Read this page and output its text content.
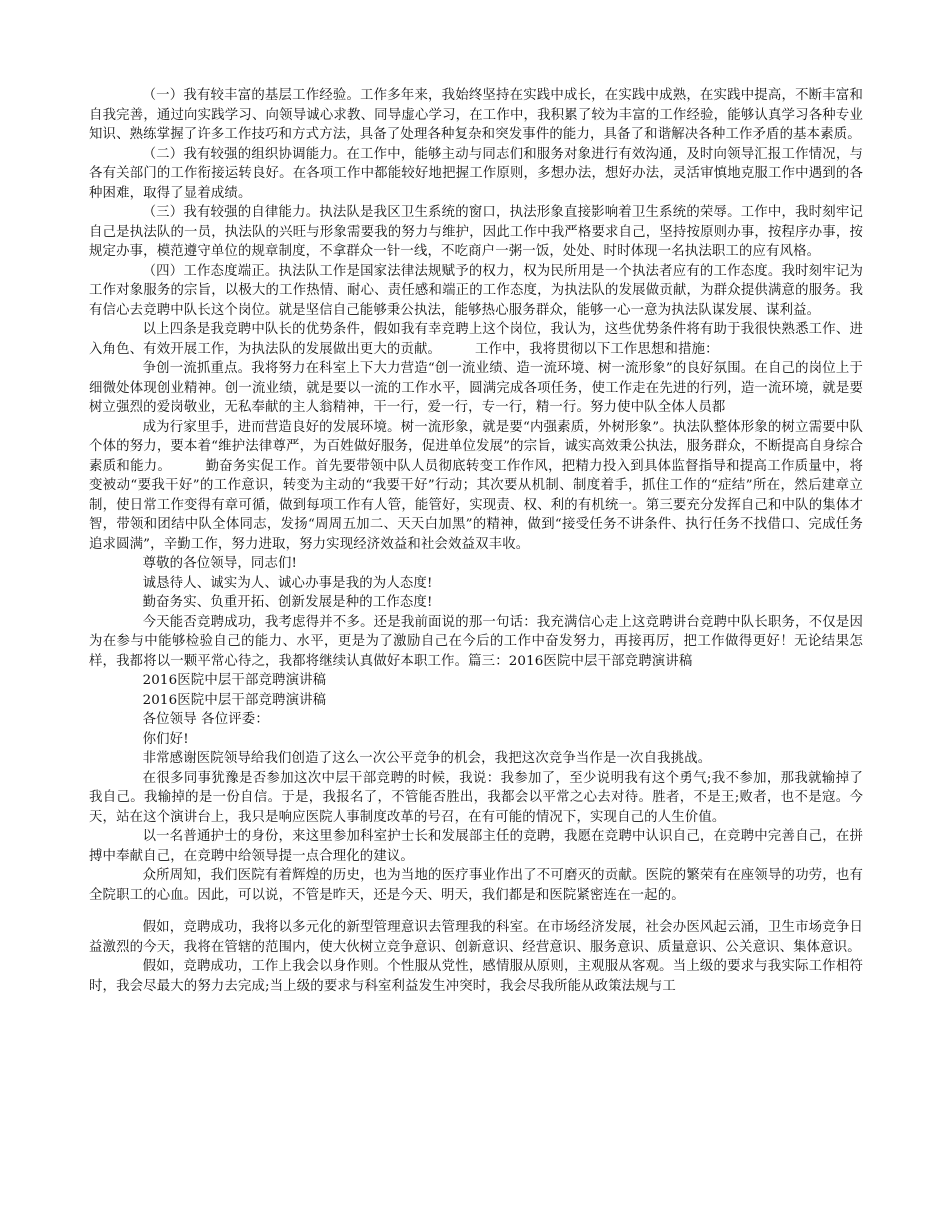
（一）我有较丰富的基层工作经验。工作多年来，我始终坚持在实践中成长，在实践中成熟，在实践中提高，不断丰富和自我完善，通过向实践学习、向领导诚心求教、同导虚心学习，在工作中，我积累了较为丰富的工作经验，能够认真学习各种专业知识、熟练掌握了许多工作技巧和方式方法，具备了处理各种复杂和突发事件的能力，具备了和谐解决各种工作矛盾的基本素质。

（二）我有较强的组织协调能力。在工作中，能够主动与同志们和服务对象进行有效沟通，及时向领导汇报工作情况，与各有关部门的工作衔接运转良好。在各项工作中都能较好地把握工作原则，多想办法，想好办法，灵活审慎地克服工作中遇到的各种困难，取得了显着成绩。

（三）我有较强的自律能力。执法队是我区卫生系统的窗口，执法形象直接影响着卫生系统的荣辱。工作中，我时刻牢记自己是执法队的一员，执法队的兴旺与形象需要我的努力与维护，因此工作中我严格要求自己，坚持按原则办事，按程序办事，按规定办事，模范遵守单位的规章制度，不拿群众一针一线，不吃商户一粥一饭，处处、时时体现一名执法职工的应有风格。

（四）工作态度端正。执法队工作是国家法律法规赋予的权力，权为民所用是一个执法者应有的工作态度。我时刻牢记为工作对象服务的宗旨，以极大的工作热情、耐心、责任感和端正的工作态度，为执法队的发展做贡献，为群众提供满意的服务。我有信心去竞聘中队长这个岗位。就是坚信自己能够秉公执法，能够热心服务群众，能够一心一意为执法队谋发展、谋利益。

以上四条是我竞聘中队长的优势条件，假如我有幸竞聘上这个岗位，我认为，这些优势条件将有助于我很快熟悉工作、进入角色、有效开展工作，为执法队的发展做出更大的贡献。　　　工作中，我将贯彻以下工作思想和措施：

争创一流抓重点。我将努力在科室上下大力营造“创一流业绩、造一流环境、树一流形象”的良好氛围。在自己的岗位上于细微处体现创业精神。创一流业绩，就是要以一流的工作水平，圆满完成各项任务，使工作走在先进的行列，造一流环境，就是要树立强烈的爱岗敬业，无私奉献的主人翁精神，干一行，爱一行，专一行，精一行。努力使中队全体人员都

成为行家里手，进而营造良好的发展环境。树一流形象，就是要“内强素质，外树形象”。执法队整体形象的树立需要中队个体的努力，要本着“维护法律尊严，为百姓做好服务，促进单位发展”的宗旨，诚实高效秉公执法，服务群众，不断提高自身综合素质和能力。　　　勤奋务实促工作。首先要带领中队人员彻底转变工作作风，把精力投入到具体监督指导和提高工作质量中，将变被动“要我干好”的工作意识，转变为主动的“我要干好”行动；其次要从机制、制度着手，抓住工作的“症结”所在，然后建章立制，使日常工作变得有章可循，做到每项工作有人管，能管好，实现责、权、利的有机统一。第三要充分发挥自己和中队的集体才智，带领和团结中队全体同志，发扬“周周五加二、天天白加黑”的精神，做到“接受任务不讲条件、执行任务不找借口、完成任务追求圆满”，辛勤工作，努力进取，努力实现经济效益和社会效益双丰收。

尊敬的各位领导，同志们!

诚恳待人、诚实为人、诚心办事是我的为人态度!

勤奋务实、负重开拓、创新发展是种的工作态度!

今天能否竞聘成功，我考虑得并不多。还是我前面说的那一句话：我充满信心走上这竞聘讲台竞聘中队长职务，不仅是因为在参与中能够检验自己的能力、水平，更是为了激励自己在今后的工作中奋发努力，再接再厉，把工作做得更好！无论结果怎样，我都将以一颗平常心待之，我都将继续认真做好本职工作。篇三：2016医院中层干部竞聘演讲稿

2016医院中层干部竞聘演讲稿

2016医院中层干部竞聘演讲稿

各位领导 各位评委：

你们好!

非常感谢医院领导给我们创造了这么一次公平竞争的机会，我把这次竞争当作是一次自我挑战。

在很多同事犹豫是否参加这次中层干部竞聘的时候，我说：我参加了，至少说明我有这个勇气;我不参加，那我就输掉了我自己。我输掉的是一份自信。于是，我报名了，不管能否胜出，我都会以平常之心去对待。胜者，不是王;败者，也不是寇。今天，站在这个演讲台上，我只是响应医院人事制度改革的号召，在有可能的情况下，实现自己的人生价值。

以一名普通护士的身份，来这里参加科室护士长和发展部主任的竞聘，我愿在竞聘中认识自己，在竞聘中完善自己，在拼搏中奉献自己，在竞聘中给领导提一点合理化的建议。

众所周知，我们医院有着辉煌的历史，也为当地的医疗事业作出了不可磨灭的贡献。医院的繁荣有在座领导的功劳，也有全院职工的心血。因此，可以说，不管是昨天，还是今天、明天，我们都是和医院紧密连在一起的。

假如，竞聘成功，我将以多元化的新型管理意识去管理我的科室。在市场经济发展，社会办医风起云涌，卫生市场竞争日益激烈的今天，我将在管辖的范围内，使大伙树立竞争意识、创新意识、经营意识、服务意识、质量意识、公关意识、集体意识。

假如，竞聘成功，工作上我会以身作则。个性服从党性，感情服从原则，主观服从客观。当上级的要求与我实际工作相符时，我会尽最大的努力去完成;当上级的要求与科室利益发生冲突时，我会尽我所能从政策法规与工
